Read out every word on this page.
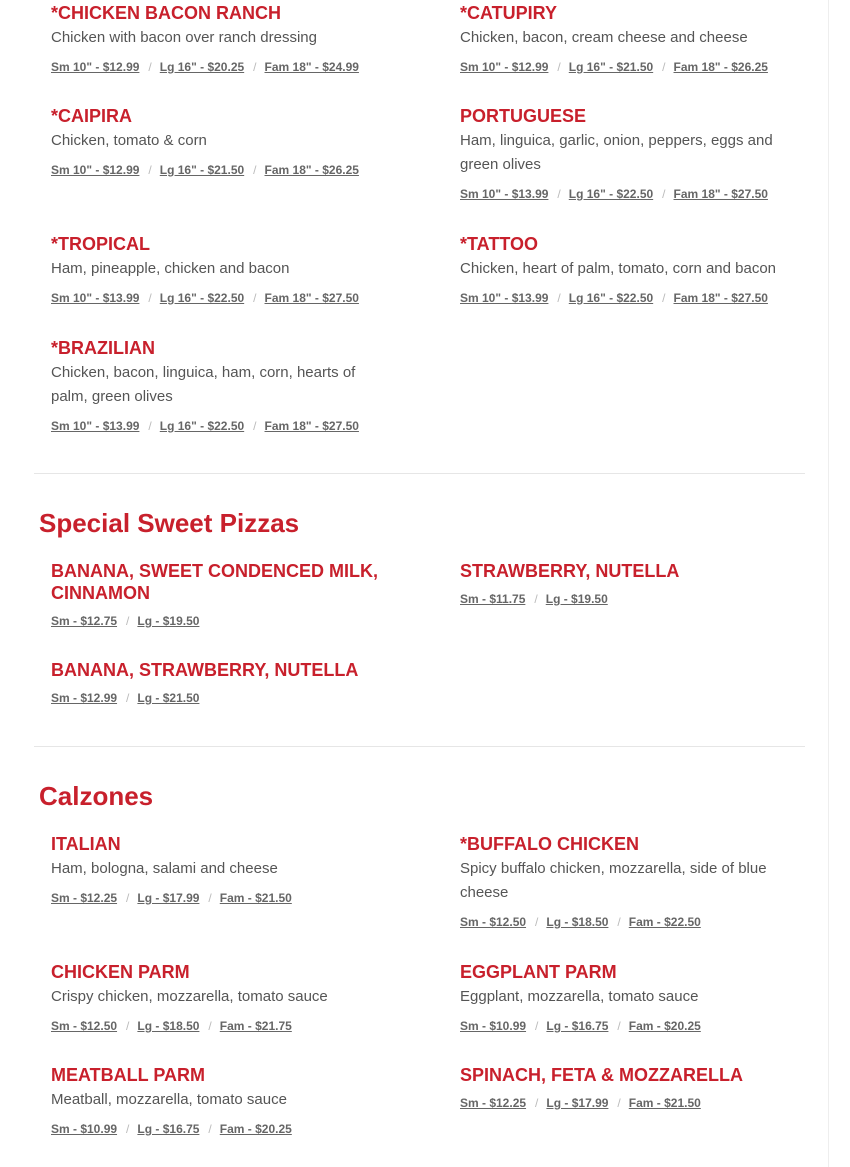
*CHICKEN BACON RANCH

Chicken with bacon over ranch dressing

Sm 10" - $12.99 / Lg 16" - $20.25 / Fam 18" - $24.99
*CATUPIRY

Chicken, bacon, cream cheese and cheese

Sm 10" - $12.99 / Lg 16" - $21.50 / Fam 18" - $26.25
*CAIPIRA

Chicken, tomato & corn

Sm 10" - $12.99 / Lg 16" - $21.50 / Fam 18" - $26.25
PORTUGUESE

Ham, linguica, garlic, onion, peppers, eggs and green olives

Sm 10" - $13.99 / Lg 16" - $22.50 / Fam 18" - $27.50
*TROPICAL

Ham, pineapple, chicken and bacon

Sm 10" - $13.99 / Lg 16" - $22.50 / Fam 18" - $27.50
*TATTOO

Chicken, heart of palm, tomato, corn and bacon

Sm 10" - $13.99 / Lg 16" - $22.50 / Fam 18" - $27.50
*BRAZILIAN

Chicken, bacon, linguica, ham, corn, hearts of palm, green olives

Sm 10" - $13.99 / Lg 16" - $22.50 / Fam 18" - $27.50
Special Sweet Pizzas
BANANA, SWEET CONDENCED MILK, CINNAMON
Sm - $12.75 / Lg - $19.50
STRAWBERRY, NUTELLA
Sm - $11.75 / Lg - $19.50
BANANA, STRAWBERRY, NUTELLA
Sm - $12.99 / Lg - $21.50
Calzones
ITALIAN

Ham, bologna, salami and cheese

Sm - $12.25 / Lg - $17.99 / Fam - $21.50
*BUFFALO CHICKEN

Spicy buffalo chicken, mozzarella, side of blue cheese

Sm - $12.50 / Lg - $18.50 / Fam - $22.50
CHICKEN PARM

Crispy chicken, mozzarella, tomato sauce

Sm - $12.50 / Lg - $18.50 / Fam - $21.75
EGGPLANT PARM

Eggplant, mozzarella, tomato sauce

Sm - $10.99 / Lg - $16.75 / Fam - $20.25
MEATBALL PARM

Meatball, mozzarella, tomato sauce

Sm - $10.99 / Lg - $16.75 / Fam - $20.25
SPINACH, FETA & MOZZARELLA
Sm - $12.25 / Lg - $17.99 / Fam - $21.50
